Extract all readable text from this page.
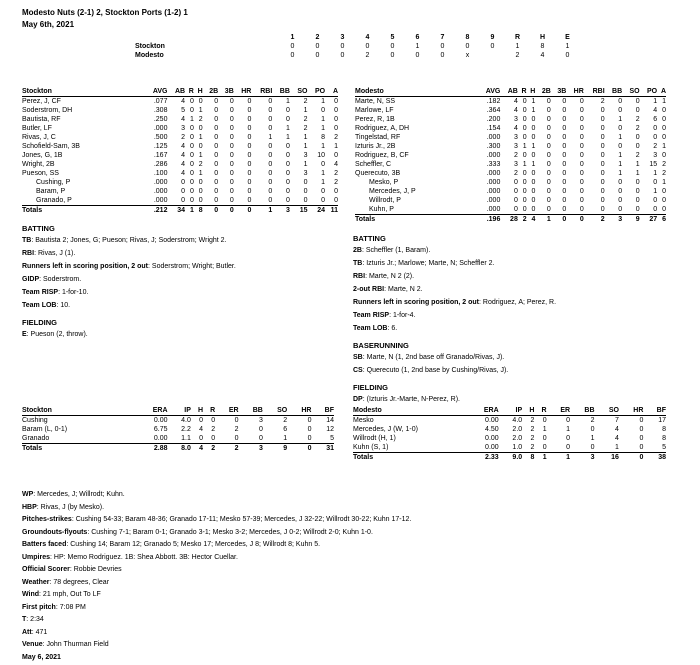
Modesto Nuts (2-1) 2, Stockton Ports (1-2) 1
May 6th, 2021
	1	2	3	4	5	6	7	8	9	R	H	E
Stockton	0	0	0	0	0	1	0	0	0	1	8	1
Modesto	0	0	0	2	0	0	0	x		2	4	0
Stockton	AVG	AB	R	H	2B	3B	HR	RBI	BB	SO	PO	A
Perez, J, CF	.077	4	0	0	0	0	0	0	1	2	1	0
Soderstrom, DH	.308	5	0	1	0	0	0	0	0	1	0	0
Bautista, RF	.250	4	1	2	0	0	0	0	0	2	1	0
Butler, LF	.000	3	0	0	0	0	0	0	1	2	1	0
Rivas, J, C	.500	2	0	1	0	0	0	1	1	1	8	2
Schofield-Sam, 3B	.125	4	0	0	0	0	0	0	0	1	1	1
Jones, G, 1B	.167	4	0	1	0	0	0	0	0	3	10	0
Wright, 2B	.286	4	0	2	0	0	0	0	0	1	0	4
Pueson, SS	.100	4	0	1	0	0	0	0	0	3	1	2
Cushing, P	.000	0	0	0	0	0	0	0	0	0	1	2
Baram, P	.000	0	0	0	0	0	0	0	0	0	0	0
Granado, P	.000	0	0	0	0	0	0	0	0	0	0	0
Totals	.212	34	1	8	0	0	0	1	3	15	24	11
Modesto	AVG	AB	R	H	2B	3B	HR	RBI	BB	SO	PO	A
Marte, N, SS	.182	4	0	1	0	0	0	2	0	0	1	1
Marlowe, LF	.364	4	0	1	0	0	0	0	0	0	4	0
Perez, R, 1B	.200	3	0	0	0	0	0	0	1	2	6	0
Rodriguez, A, DH	.154	4	0	0	0	0	0	0	0	2	0	0
Tingelstad, RF	.000	3	0	0	0	0	0	0	1	0	0	0
Izturis Jr., 2B	.300	3	1	1	0	0	0	0	0	0	2	1
Rodriguez, B, CF	.000	2	0	0	0	0	0	0	1	2	3	0
Scheffler, C	.333	3	1	1	0	0	0	0	1	1	15	2
Querecuto, 3B	.000	2	0	0	0	0	0	0	1	1	1	2
Mesko, P	.000	0	0	0	0	0	0	0	0	0	0	1
Mercedes, J, P	.000	0	0	0	0	0	0	0	0	0	1	0
Willrodt, P	.000	0	0	0	0	0	0	0	0	0	0	0
Kuhn, P	.000	0	0	0	0	0	0	0	0	0	0	0
Totals	.196	28	2	4	1	0	0	2	3	9	27	6
BATTING
TB: Bautista 2; Jones, G; Pueson; Rivas, J; Soderstrom; Wright 2.
RBI: Rivas, J (1).
Runners left in scoring position, 2 out: Soderstrom; Wright; Butler.
GIDP: Soderstrom.
Team RISP: 1-for-10.
Team LOB: 10.
FIELDING
E: Pueson (2, throw).
BATTING
2B: Scheffler (1, Baram).
TB: Izturis Jr.; Marlowe; Marte, N; Scheffler 2.
RBI: Marte, N 2 (2).
2-out RBI: Marte, N 2.
Runners left in scoring position, 2 out: Rodriguez, A; Perez, R.
Team RISP: 1-for-4.
Team LOB: 6.
BASERUNNING
SB: Marte, N (1, 2nd base off Granado/Rivas, J).
CS: Querecuto (1, 2nd base by Cushing/Rivas, J).
FIELDING
DP: (Izturis Jr.-Marte, N-Perez, R).
Stockton	ERA	IP	H	R	ER	BB	SO	HR	BF
Cushing	0.00	4.0	0	0	0	3	2	0	14
Baram (L, 0-1)	6.75	2.2	4	2	2	0	6	0	12
Granado	0.00	1.1	0	0	0	0	1	0	5
Totals	2.88	8.0	4	2	2	3	9	0	31
Modesto	ERA	IP	H	R	ER	BB	SO	HR	BF
Mesko	0.00	4.0	2	0	0	2	7	0	17
Mercedes, J (W, 1-0)	4.50	2.0	2	1	1	0	4	0	8
Willrodt (H, 1)	0.00	2.0	2	0	0	1	4	0	8
Kuhn (S, 1)	0.00	1.0	2	0	0	0	1	0	5
Totals	2.33	9.0	8	1	1	3	16	0	38

WP: Mercedes, J; Willrodt; Kuhn.

HBP: Rivas, J (by Mesko).

Pitches-strikes: Cushing 54-33; Baram 48-36; Granado 17-11; Mesko 57-39; Mercedes, J 32-22; Willrodt 30-22; Kuhn 17-12.

Groundouts-flyouts: Cushing 7-1; Baram 0-1; Granado 3-1; Mesko 3-2; Mercedes, J 0-2; Willrodt 2-0; Kuhn 1-0.

Batters faced: Cushing 14; Baram 12; Granado 5; Mesko 17; Mercedes, J 8; Willrodt 8; Kuhn 5.

Umpires: HP: Memo Rodriguez. 1B: Shea Abbott. 3B: Hector Cuellar.

Official Scorer: Robbie Devries

Weather: 78 degrees, Clear

Wind: 21 mph, Out To LF

First pitch: 7:08 PM

T: 2:34

Att: 471

Venue: John Thurman Field

May 6, 2021
